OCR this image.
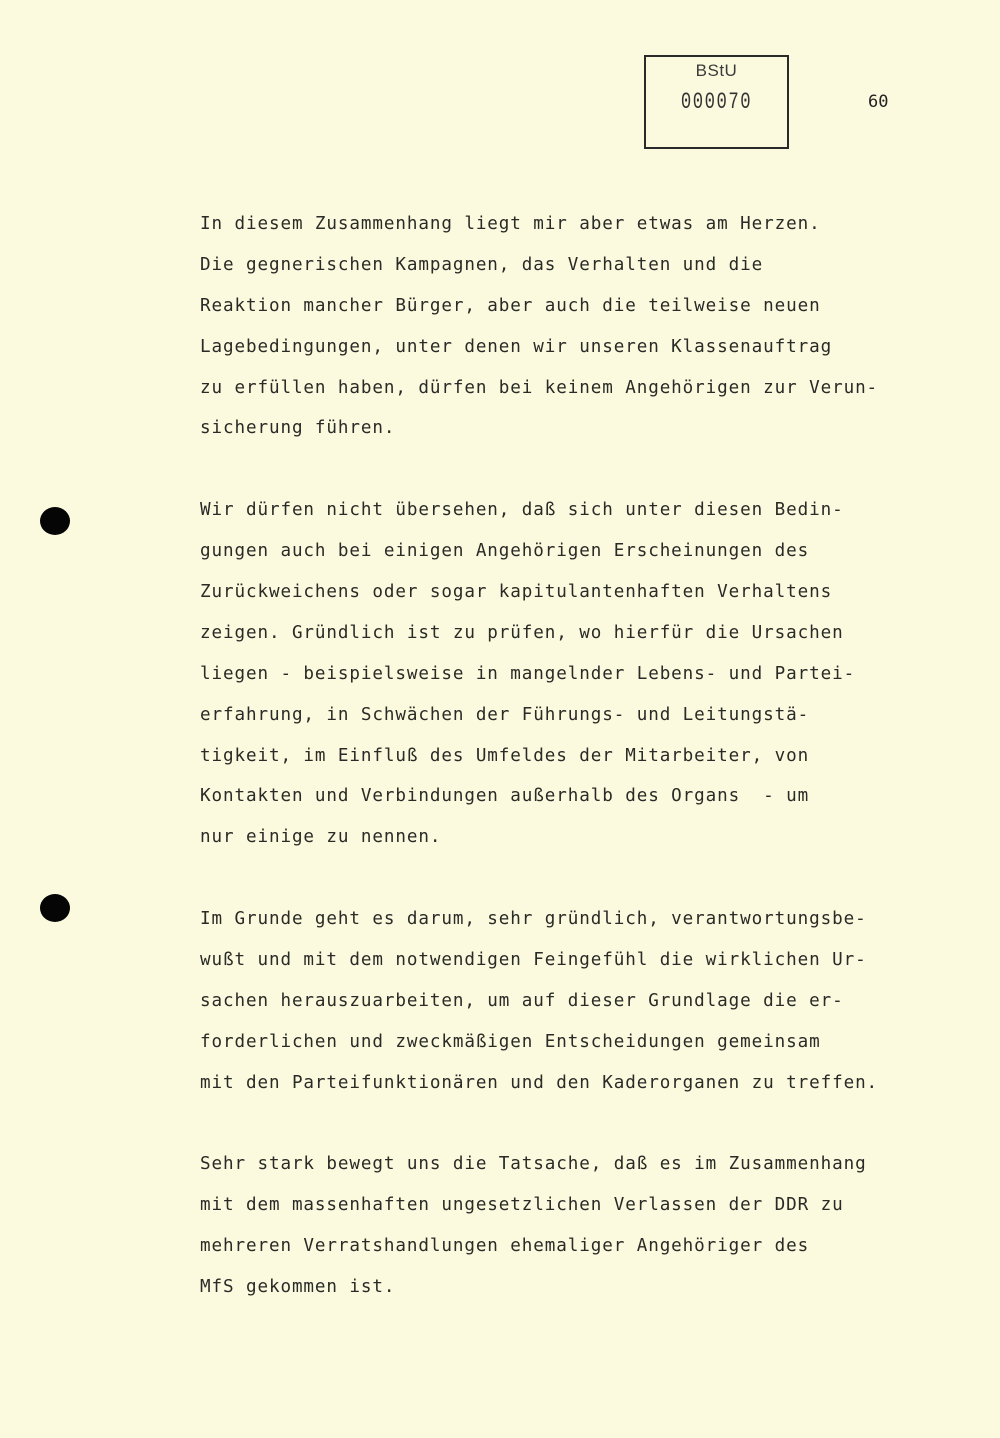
BStU
000070	60
In diesem Zusammenhang liegt mir aber etwas am Herzen.
Die gegnerischen Kampagnen, das Verhalten und die
Reaktion mancher Bürger, aber auch die teilweise neuen
Lagebedingungen, unter denen wir unseren Klassenauftrag
zu erfüllen haben, dürfen bei keinem Angehörigen zur Verun-
sicherung führen.
Wir dürfen nicht übersehen, daß sich unter diesen Bedin-
gungen auch bei einigen Angehörigen Erscheinungen des
Zurückweichens oder sogar kapitulantenhaften Verhaltens
zeigen. Gründlich ist zu prüfen, wo hierfür die Ursachen
liegen - beispielsweise in mangelnder Lebens- und Partei-
erfahrung, in Schwächen der Führungs- und Leitungstä-
tigkeit, im Einfluß des Umfeldes der Mitarbeiter, von
Kontakten und Verbindungen außerhalb des Organs  - um
nur einige zu nennen.
Im Grunde geht es darum, sehr gründlich, verantwortungsbe-
wußt und mit dem notwendigen Feingefühl die wirklichen Ur-
sachen herauszuarbeiten, um auf dieser Grundlage die er-
forderlichen und zweckmäßigen Entscheidungen gemeinsam
mit den Parteifunktionären und den Kaderorganen zu treffen.
Sehr stark bewegt uns die Tatsache, daß es im Zusammenhang
mit dem massenhaften ungesetzlichen Verlassen der DDR zu
mehreren Verratshandlungen ehemaliger Angehöriger des
MfS gekommen ist.
